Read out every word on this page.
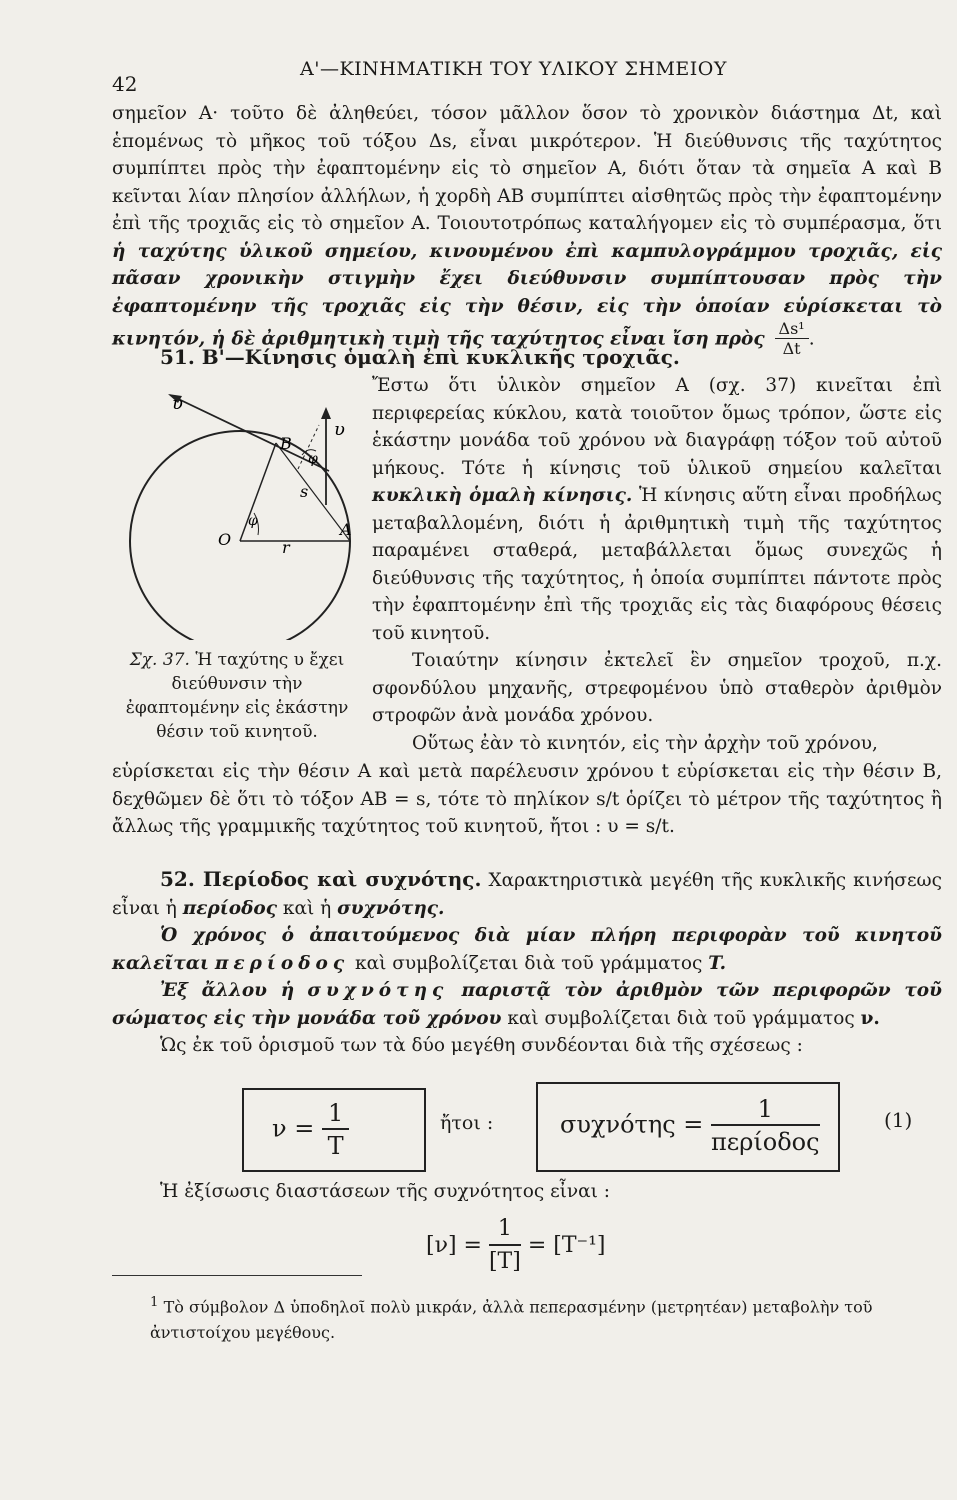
42
Α'—ΚΙΝΗΜΑΤΙΚΗ ΤΟΥ ΥΛΙΚΟΥ ΣΗΜΕΙΟΥ
σημεῖον Α· τοῦτο δὲ ἀληθεύει, τόσον μᾶλλον ὅσον τὸ χρονικὸν διάστημα Δt, καὶ ἑπομένως τὸ μῆκος τοῦ τόξου Δs, εἶναι μικρότερον. Ἡ διεύθυνσις τῆς ταχύτητος συμπίπτει πρὸς τὴν ἐφαπτομένην εἰς τὸ σημεῖον Α, διότι ὅταν τὰ σημεῖα Α καὶ Β κεῖνται λίαν πλησίον ἀλλήλων, ἡ χορδὴ ΑΒ συμπίπτει αἰσθητῶς πρὸς τὴν ἐφαπτομένην ἐπὶ τῆς τροχιᾶς εἰς τὸ σημεῖον Α. Τοιουτοτρόπως καταλήγομεν εἰς τὸ συμπέρασμα, ὅτι ἡ ταχύτης ὑλικοῦ σημείου, κινουμένου ἐπὶ καμπυλογράμμου τροχιᾶς, εἰς πᾶσαν χρονικὴν στιγμὴν ἔχει διεύθυνσιν συμπίπτουσαν πρὸς τὴν ἐφαπτομένην τῆς τροχιᾶς εἰς τὴν θέσιν, εἰς τὴν ὁποίαν εὑρίσκεται τὸ κινητόν, ἡ δὲ ἀριθμητικὴ τιμὴ τῆς ταχύτητος εἶναι ἴση πρὸς $\frac{\text{Δs¹}}{\Delta t}$ .
51. Β'—Κίνησις ὁμαλὴ ἐπὶ κυκλικῆς τροχιᾶς.
Ἔστω ὅτι ὑλικὸν σημεῖον Α (σχ. 37) κινεῖται ἐπὶ περιφερείας κύκλου, κατὰ τοιοῦτον ὅμως τρόπον, ὥστε εἰς ἑκάστην μονάδα τοῦ χρόνου νὰ διαγράφῃ τόξον τοῦ αὐτοῦ μήκους. Τότε ἡ κίνησις τοῦ ὑλικοῦ σημείου καλεῖται κυκλικὴ ὁμαλὴ κίνησις. Ἡ κίνησις αὕτη εἶναι προδήλως μεταβαλλομένη, διότι ἡ ἀριθμητικὴ τιμὴ τῆς ταχύτητος παραμένει σταθερά, μεταβάλλεται ὅμως συνεχῶς ἡ διεύθυνσις τῆς ταχύτητος, ἡ ὁποία συμπίπτει πάντοτε πρὸς τὴν ἐφαπτομένην ἐπὶ τῆς τροχιᾶς εἰς τὰς διαφόρους θέσεις τοῦ κινητοῦ.
Τοιαύτην κίνησιν ἐκτελεῖ ἓν σημεῖον τροχοῦ, π.χ. σφονδύλου μηχανῆς, στρεφομένου ὑπὸ σταθερὸν ἀριθμὸν στροφῶν ἀνὰ μονάδα χρόνου.
Οὕτως ἐὰν τὸ κινητόν, εἰς τὴν ἀρχὴν τοῦ χρόνου,
εὑρίσκεται εἰς τὴν θέσιν Α καὶ μετὰ παρέλευσιν χρόνου t εὑρίσκεται εἰς τὴν θέσιν Β, δεχθῶμεν δὲ ὅτι τὸ τόξον ΑΒ = s, τότε τὸ πηλίκον s/t ὁρίζει τὸ μέτρον τῆς ταχύτητος ἢ ἄλλως τῆς γραμμικῆς ταχύτητος τοῦ κινητοῦ, ἤτοι : υ = s/t.
υ
υ
B
A
O
s
r
φ
φ
Σχ. 37. Ἡ ταχύτης υ ἔχει διεύθυνσιν τὴν ἐφαπτομένην εἰς ἑκάστην θέσιν τοῦ κινητοῦ.
52. Περίοδος καὶ συχνότης. Χαρακτηριστικὰ μεγέθη τῆς κυκλικῆς κινήσεως εἶναι ἡ περίοδος καὶ ἡ συχνότης.
Ὁ χρόνος ὁ ἀπαιτούμενος διὰ μίαν πλήρη περιφορὰν τοῦ κινητοῦ καλεῖται περίοδος καὶ συμβολίζεται διὰ τοῦ γράμματος T.
Ἐξ ἄλλου ἡ συχνότης παριστᾷ τὸν ἀριθμὸν τῶν περιφορῶν τοῦ σώματος εἰς τὴν μονάδα τοῦ χρόνου καὶ συμβολίζεται διὰ τοῦ γράμματος ν.
Ὡς ἐκ τοῦ ὁρισμοῦ των τὰ δύο μεγέθη συνδέονται διὰ τῆς σχέσεως :
$\nu = \frac{1}{T}$	ἤτοι :	$\sigma\upsilon\chi\nu ό\tau\eta\varsigma = \frac{1}{\text{περίοδος}}$	(1)
Ἡ ἐξίσωσις διαστάσεων τῆς συχνότητος εἶναι :
$[\nu] = \frac{1}{[T]} = [T^{-1}]$
$^1$ Τὸ σύμβολον Δ ὑποδηλοῖ πολὺ μικράν, ἀλλὰ πεπερασμένην (μετρητέαν) μεταβολὴν τοῦ ἀντιστοίχου μεγέθους.
